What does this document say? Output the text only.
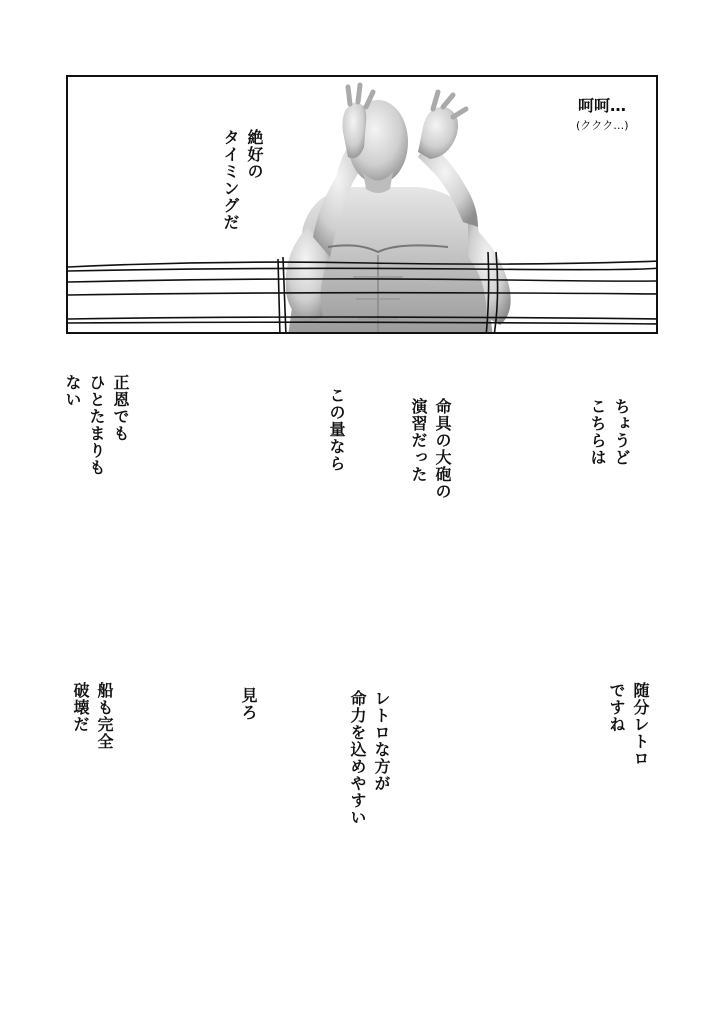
呵呵…
(ククク…)
絶好の
タイミングだ
ちょうど
こちらは
命具の大砲の
演習だった
この量なら
正恩でも
ひとたまりも
ない
随分レトロ
ですね
レトロな方が
命力を込めやすい
見ろ
船も完全
破壊だ
